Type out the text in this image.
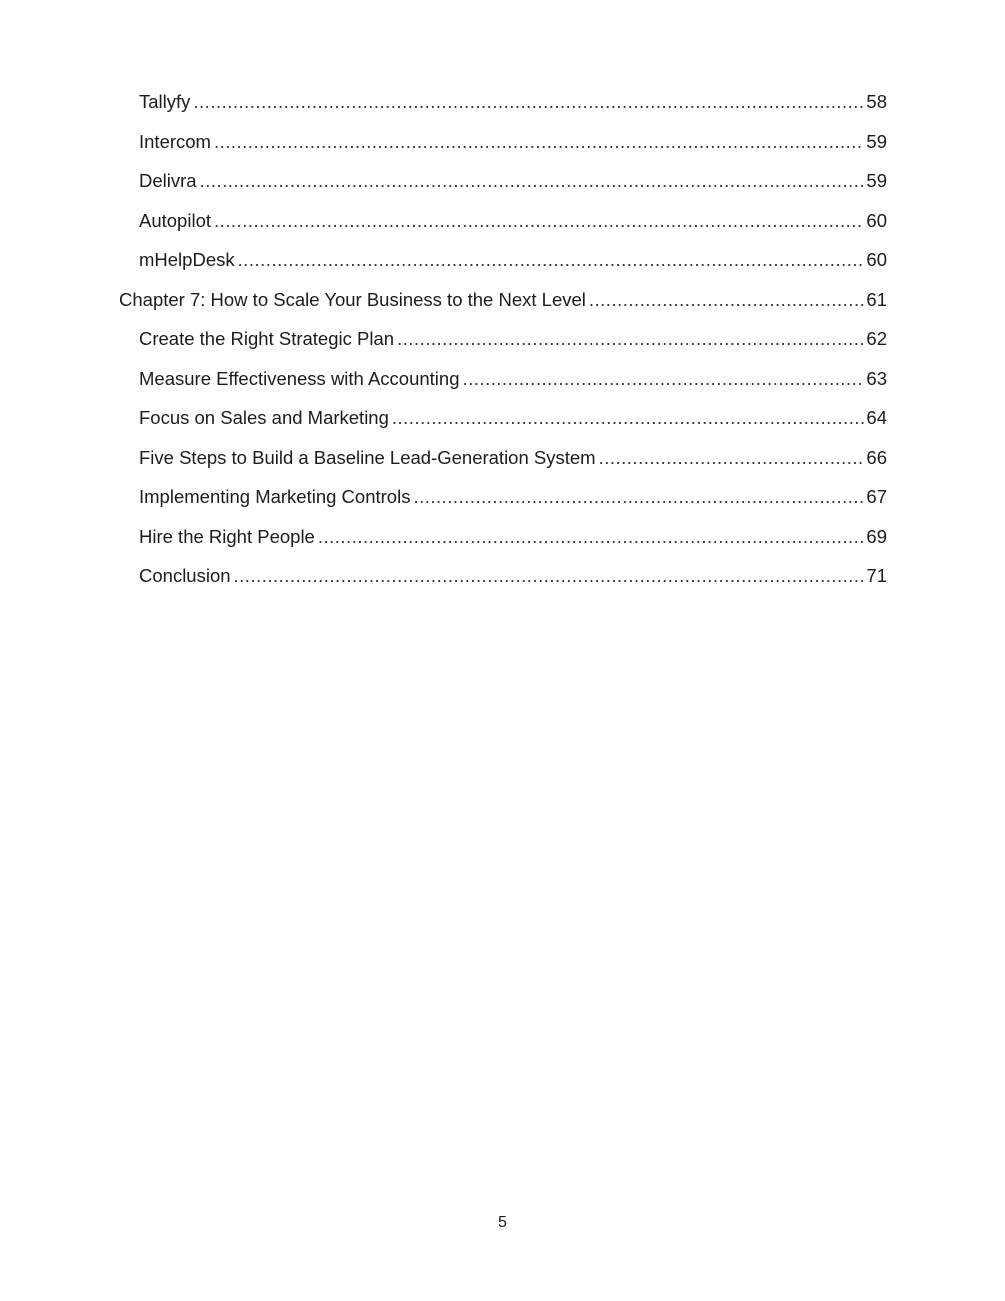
Tallyfy .....	58
Intercom .....	59
Delivra .....	59
Autopilot .....	60
mHelpDesk .....	60
Chapter 7: How to Scale Your Business to the Next Level .....	61
Create the Right Strategic Plan .....	62
Measure Effectiveness with Accounting .....	63
Focus on Sales and Marketing .....	64
Five Steps to Build a Baseline Lead-Generation System .....	66
Implementing Marketing Controls .....	67
Hire the Right People .....	69
Conclusion .....	71
5
